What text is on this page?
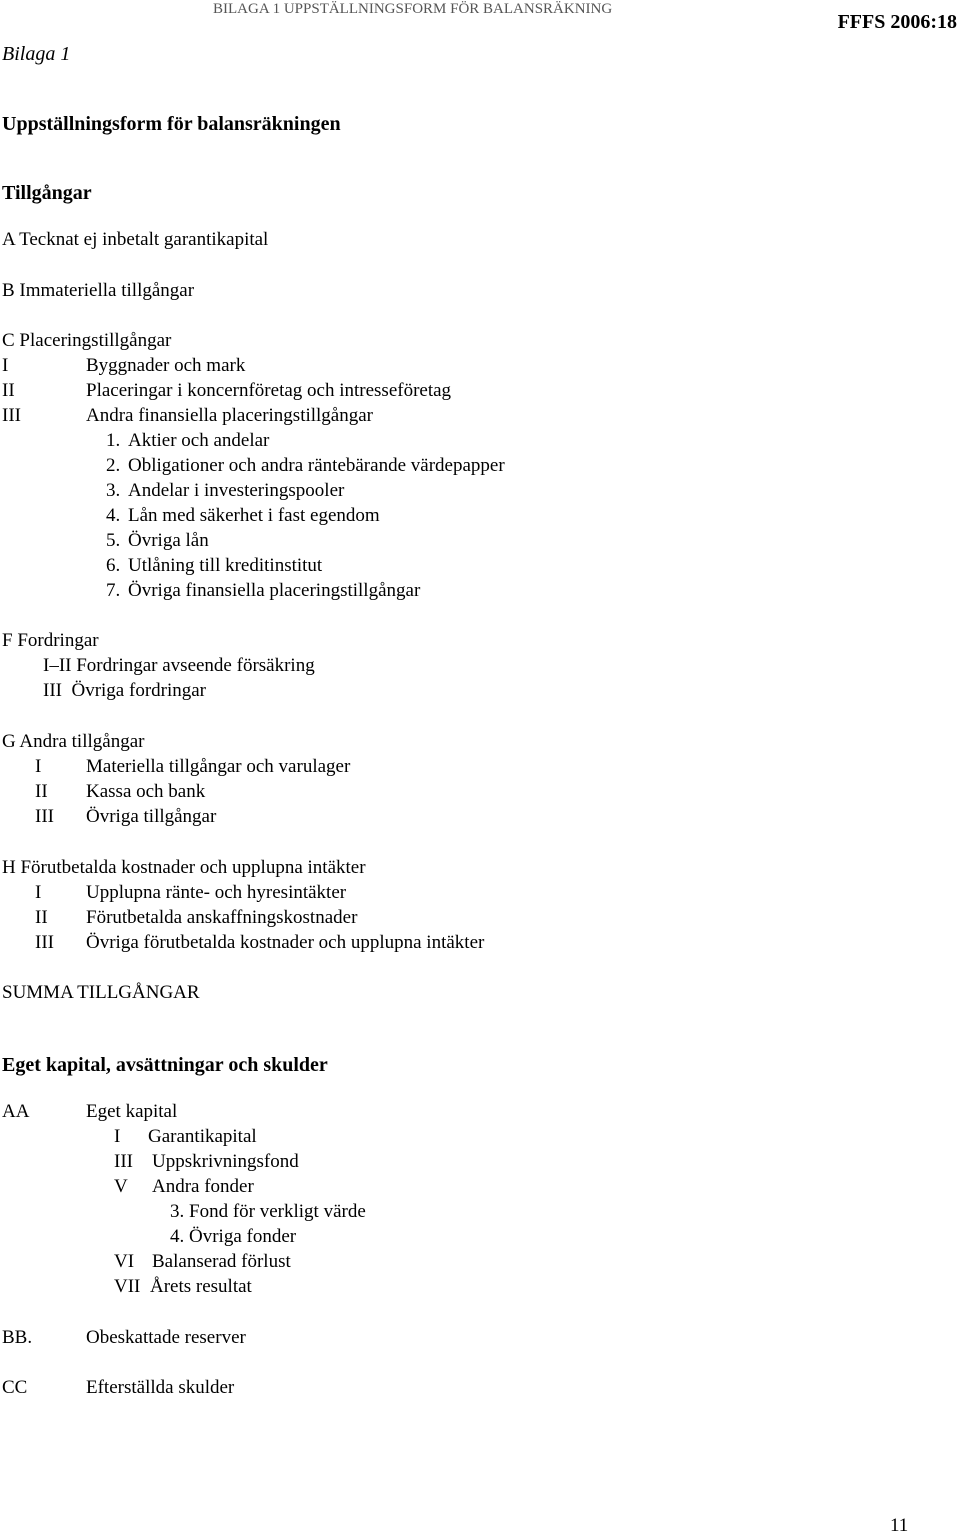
BILAGA 1 UPPSTÄLLNINGSFORM FÖR BALANSRÄKNING
FFFS 2006:18
Bilaga 1
Uppställningsform för balansräkningen
Tillgångar
A Tecknat ej inbetalt garantikapital
B Immateriella tillgångar
C Placeringstillgångar
I	Byggnader och mark
II	Placeringar i koncernföretag och intresseföretag
III	Andra finansiella placeringstillgångar
1. Aktier och andelar
2. Obligationer och andra räntebärande värdepapper
3. Andelar i investeringspooler
4. Lån med säkerhet i fast egendom
5. Övriga lån
6. Utlåning till kreditinstitut
7. Övriga finansiella placeringstillgångar
F Fordringar
I–II Fordringar avseende försäkring
III  Övriga fordringar
G Andra tillgångar
I Materiella tillgångar och varulager
II Kassa och bank
III Övriga tillgångar
H Förutbetalda kostnader och upplupna intäkter
I Upplupna ränte- och hyresintäkter
II Förutbetalda anskaffningskostnader
III Övriga förutbetalda kostnader och upplupna intäkter
SUMMA TILLGÅNGAR
Eget kapital, avsättningar och skulder
AA	Eget kapital
I Garantikapital
III Uppskrivningsfond
V Andra fonder
3. Fond för verkligt värde
4. Övriga fonder
VI Balanserad förlust
VII Årets resultat
BB.	Obeskattade reserver
CC	Efterställda skulder
11
